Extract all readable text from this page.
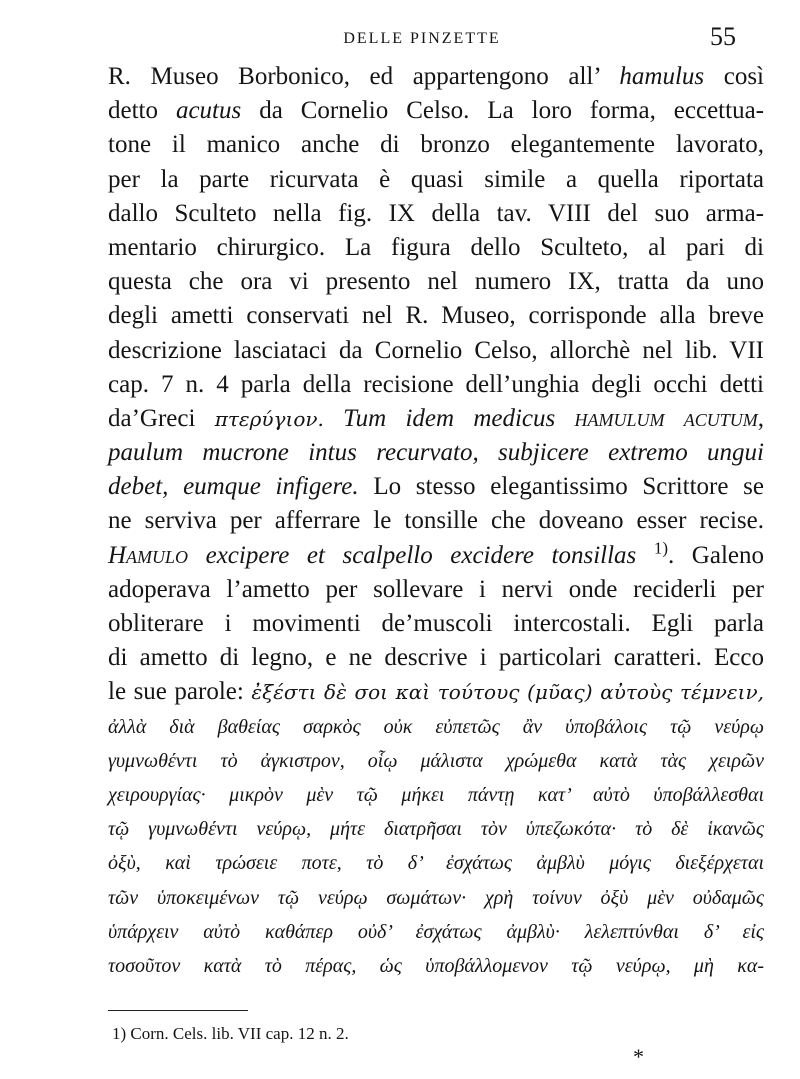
DELLE PINZETTE	55
R. Museo Borbonico, ed appartengono all’ hamulus così
detto acutus da Cornelio Celso. La loro forma, eccettua-
tone il manico anche di bronzo elegantemente lavorato,
per la parte ricurvata è quasi simile a quella riportata
dallo Sculteto nella fig. IX della tav. VIII del suo arma-
mentario chirurgico. La figura dello Sculteto, al pari di
questa che ora vi presento nel numero IX, tratta da uno
degli ametti conservati nel R. Museo, corrisponde alla breve
descrizione lasciataci da Cornelio Celso, allorchè nel lib. VII
cap. 7 n. 4 parla della recisione dell’unghia degli occhi detti
da’Greci πτερύγιον. Tum idem medicus hamulum acutum,
paulum mucrone intus recurvato, subjicere extremo ungui
debet, eumque infigere. Lo stesso elegantissimo Scrittore se
ne serviva per afferrare le tonsille che doveano esser recise.
Hamulo excipere et scalpello excidere tonsillas $^{1)}$. Galeno
adoperava l’ametto per sollevare i nervi onde reciderli per
obliterare i movimenti de’muscoli intercostali. Egli parla
di ametto di legno, e ne descrive i particolari caratteri. Ecco
le sue parole: ἐξέστι δὲ σοι καὶ τούτους (μῦας) αὐτοὺς τέμνειν,
ἀλλὰ διὰ βαθείας σαρκὸς οὐκ εὐπετῶς ἂν ὑποβάλοις τῷ νεύρῳ
γυμνωθέντι τὸ ἀγκιστρον, οἷῳ μάλιστα χρώμεθα κατὰ τὰς χειρῶν
χειρουργίας· μικρὸν μὲν τῷ μήκει πάντῃ κατ’ αὐτὸ ὑποβάλλεσθαι
τῷ γυμνωθέντι νεύρῳ, μήτε διατρῆσαι τὸν ὑπεζωκότα· τὸ δὲ ἱκανῶς
ὀξὺ, καὶ τρώσειε ποτε, τὸ δ’ ἐσχάτως ἀμβλὺ μόγις διεξέρχεται
τῶν ὑποκειμένων τῷ νεύρῳ σωμάτων· χρὴ τοίνυν ὀξὺ μὲν οὐδαμῶς
ὑπάρχειν αὐτὸ καθάπερ οὐδ’ ἐσχάτως ἀμβλὺ· λελεπτύνθαι δ’ εἰς
τοσοῦτον κατὰ τὸ πέρας, ὡς ὑποβάλλομενον τῷ νεύρῳ, μὴ κα-
1) Corn. Cels. lib. VII cap. 12 n. 2.
*
